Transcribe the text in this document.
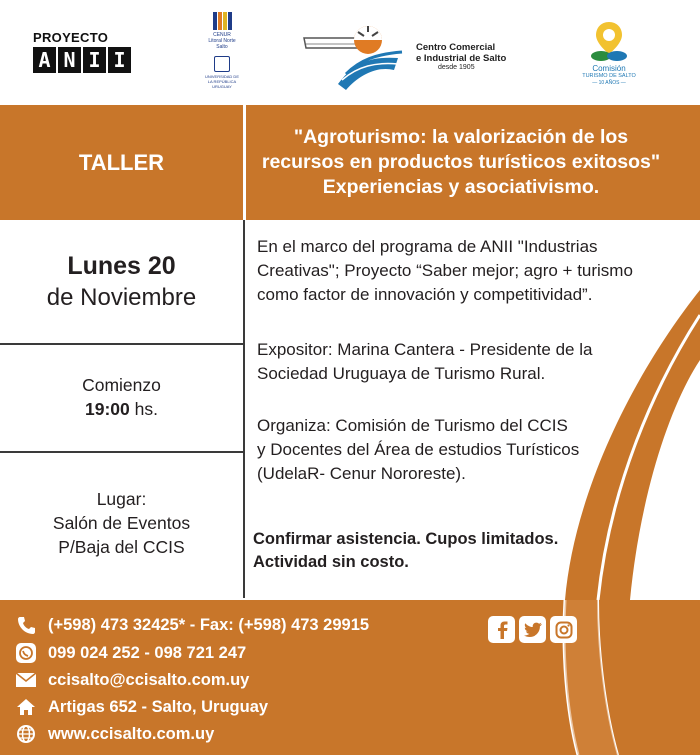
PROYECTO
A N I I
CENUR
Litoral Norte
Salto
UNIVERSIDAD DE LA REPÚBLICA URUGUAY
Centro Comercial
e Industrial de Salto
desde 1905	Comisión
TURISMO DE SALTO
— 10 AÑOS —
TALLER
"Agroturismo: la valorización de los
recursos en productos turísticos exitosos"
Experiencias y asociativismo.
Lunes 20
de Noviembre
Comienzo
19:00 hs.
Lugar:
Salón de Eventos
P/Baja del CCIS
En el marco del programa de ANII "Industrias
Creativas"; Proyecto “Saber mejor; agro + turismo
como factor de innovación y competitividad”.
Expositor: Marina Cantera - Presidente de la
Sociedad Uruguaya de Turismo Rural.
Organiza: Comisión de Turismo del CCIS
y Docentes del Área de estudios Turísticos
(UdelaR- Cenur Nororeste).
Confirmar asistencia. Cupos limitados.
Actividad sin costo.
(+598) 473 32425* - Fax: (+598) 473 29915
099 024 252 - 098 721 247
ccisalto@ccisalto.com.uy
Artigas 652 - Salto, Uruguay
www.ccisalto.com.uy
